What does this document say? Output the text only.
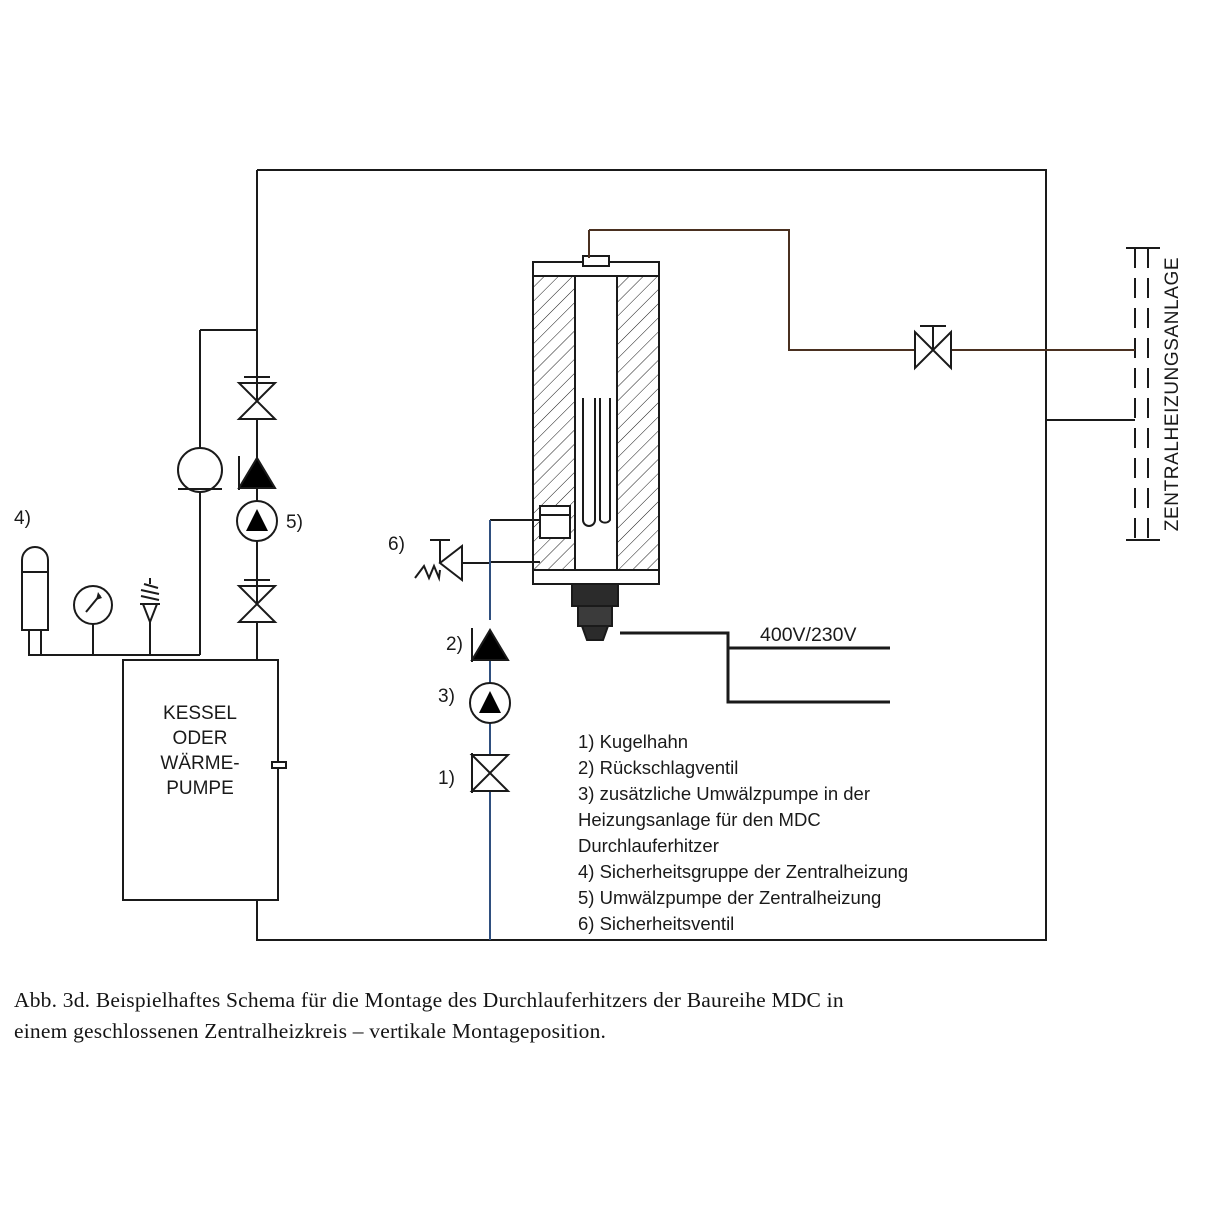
ZENTRALHEIZUNGSANLAGE
5)
KESSEL
ODER
WÄRME-
PUMPE
4)
6)
2)
3)
1)
400V/230V
1) Kugelhahn
2) Rückschlagventil
3) zusätzliche Umwälzpumpe in der
Heizungsanlage für den MDC
Durchlauferhitzer
4) Sicherheitsgruppe der Zentralheizung
5) Umwälzpumpe der Zentralheizung
6) Sicherheitsventil
Abb. 3d. Beispielhaftes Schema für die Montage des Durchlauferhitzers der Baureihe MDC in
einem geschlossenen Zentralheizkreis – vertikale Montageposition.
